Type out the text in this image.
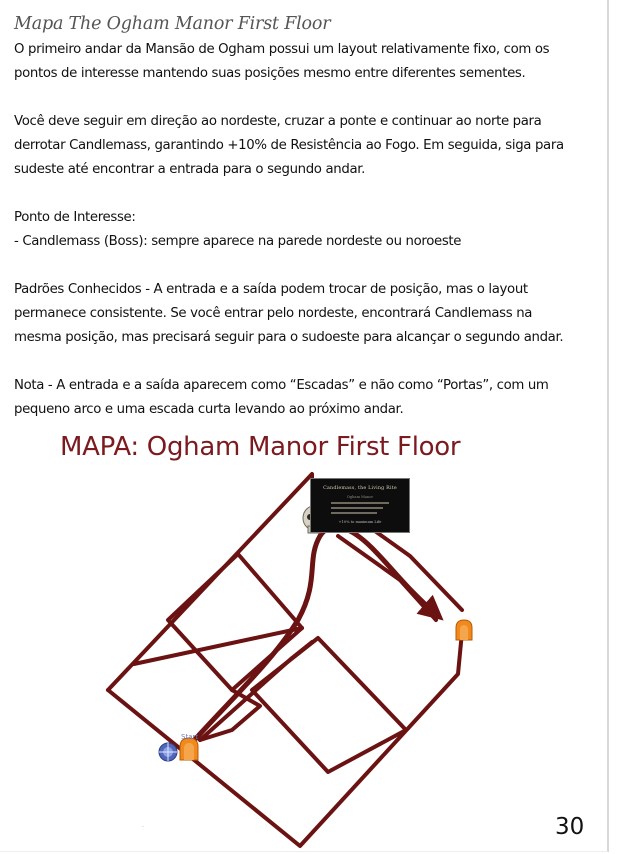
Mapa The Ogham Manor First Floor

O primeiro andar da Mansão de Ogham possui um layout relativamente fixo, com os

pontos de interesse mantendo suas posições mesmo entre diferentes sementes.

Você deve seguir em direção ao nordeste, cruzar a ponte e continuar ao norte para

derrotar Candlemass, garantindo +10% de Resistência ao Fogo. Em seguida, siga para

sudeste até encontrar a entrada para o segundo andar.

Ponto de Interesse:

- Candlemass (Boss): sempre aparece na parede nordeste ou noroeste

Padrões Conhecidos - A entrada e a saída podem trocar de posição, mas o layout

permanece consistente. Se você entrar pelo nordeste, encontrará Candlemass na

mesma posição, mas precisará seguir para o sudoeste para alcançar o segundo andar.

Nota - A entrada e a saída aparecem como “Escadas” e não como “Portas”, com um

pequeno arco e uma escada curta levando ao próximo andar.

MAPA: Ogham Manor First Floor
-
Candlemass, the Living Rite
Ogham Manor
+10% to maximum Life
Start
30
